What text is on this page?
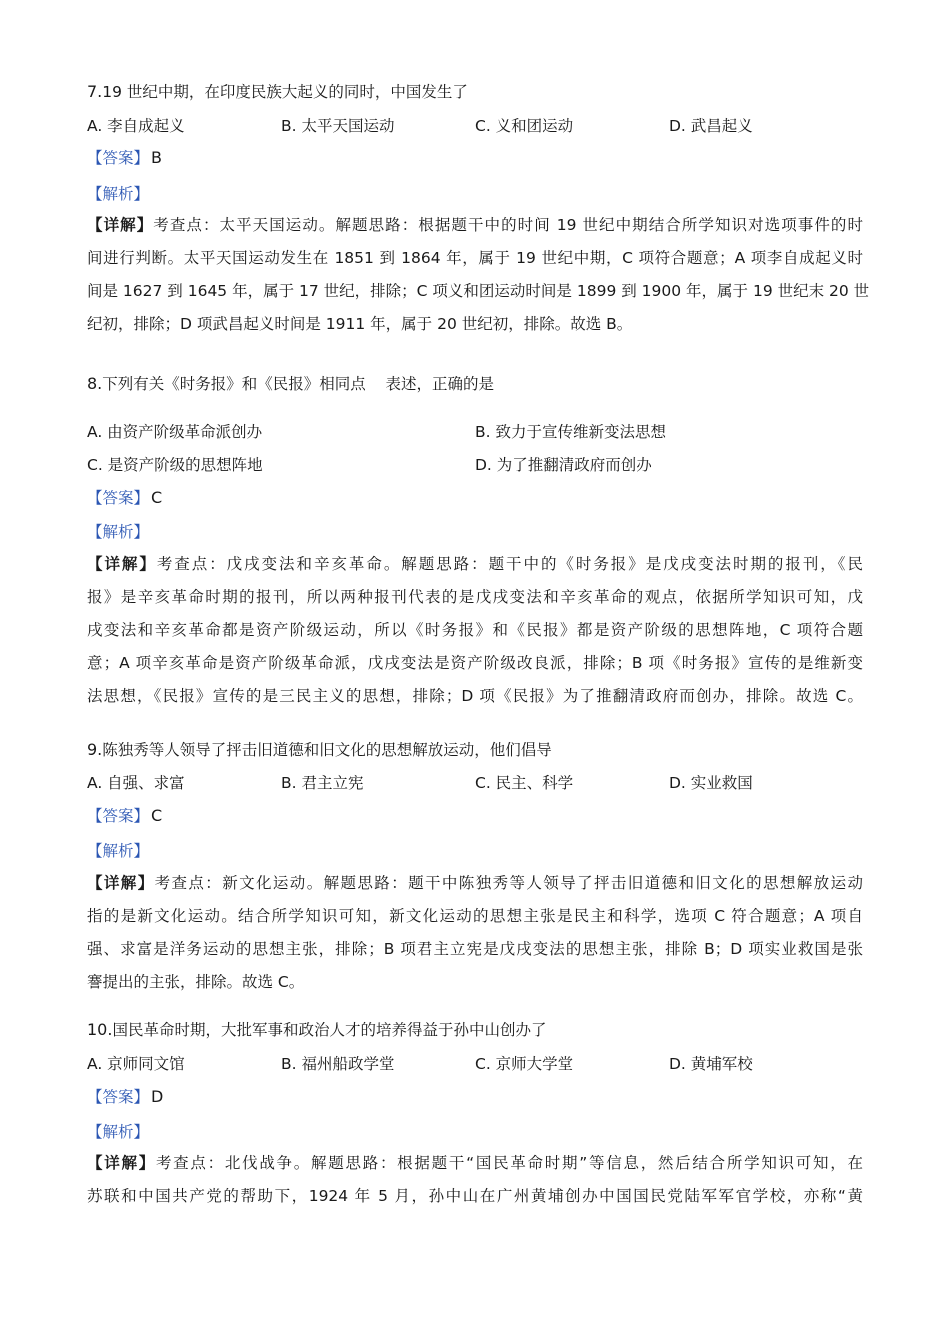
7.19 世纪中期，在印度民族大起义的同时，中国发生了
A. 李自成起义	B. 太平天国运动	C. 义和团运动	D. 武昌起义
【答案】 B
【解析】
【详解】考查点：太平天国运动。解题思路：根据题干中的时间 19 世纪中期结合所学知识对选项事件的时
间进行判断。太平天国运动发生在 1851 到 1864 年，属于 19 世纪中期，C 项符合题意；A 项李自成起义时
间是 1627 到 1645 年，属于 17 世纪，排除；C 项义和团运动时间是 1899 到 1900 年，属于 19 世纪末 20 世
纪初，排除；D 项武昌起义时间是 1911 年，属于 20 世纪初，排除。故选 B。
8.下列有关《时务报》和《民报》相同点    表述，正确的是
A. 由资产阶级革命派创办	B. 致力于宣传维新变法思想
C. 是资产阶级的思想阵地	D. 为了推翻清政府而创办
【答案】 C
【解析】
【详解】考查点：戊戌变法和辛亥革命。解题思路：题干中的《时务报》是戊戌变法时期的报刊，《民
报》是辛亥革命时期的报刊，所以两种报刊代表的是戊戌变法和辛亥革命的观点，依据所学知识可知，戊
戌变法和辛亥革命都是资产阶级运动，所以《时务报》和《民报》都是资产阶级的思想阵地，C 项符合题
意；A 项辛亥革命是资产阶级革命派，戊戌变法是资产阶级改良派，排除；B 项《时务报》宣传的是维新变
法思想，《民报》宣传的是三民主义的思想，排除；D 项《民报》为了推翻清政府而创办，排除。故选 C。
9.陈独秀等人领导了抨击旧道德和旧文化的思想解放运动，他们倡导
A. 自强、求富	B. 君主立宪	C. 民主、科学	D. 实业救国
【答案】 C
【解析】
【详解】考查点：新文化运动。解题思路：题干中陈独秀等人领导了抨击旧道德和旧文化的思想解放运动
指的是新文化运动。结合所学知识可知，新文化运动的思想主张是民主和科学，选项 C 符合题意；A 项自
强、求富是洋务运动的思想主张，排除；B 项君主立宪是戊戌变法的思想主张，排除 B；D 项实业救国是张
謇提出的主张，排除。故选 C。
10.国民革命时期，大批军事和政治人才的培养得益于孙中山创办了
A. 京师同文馆	B. 福州船政学堂	C. 京师大学堂	D. 黄埔军校
【答案】 D
【解析】
【详解】考查点：北伐战争。解题思路：根据题干“国民革命时期”等信息，然后结合所学知识可知，在
苏联和中国共产党的帮助下，1924 年 5 月，孙中山在广州黄埔创办中国国民党陆军军官学校，亦称“黄
